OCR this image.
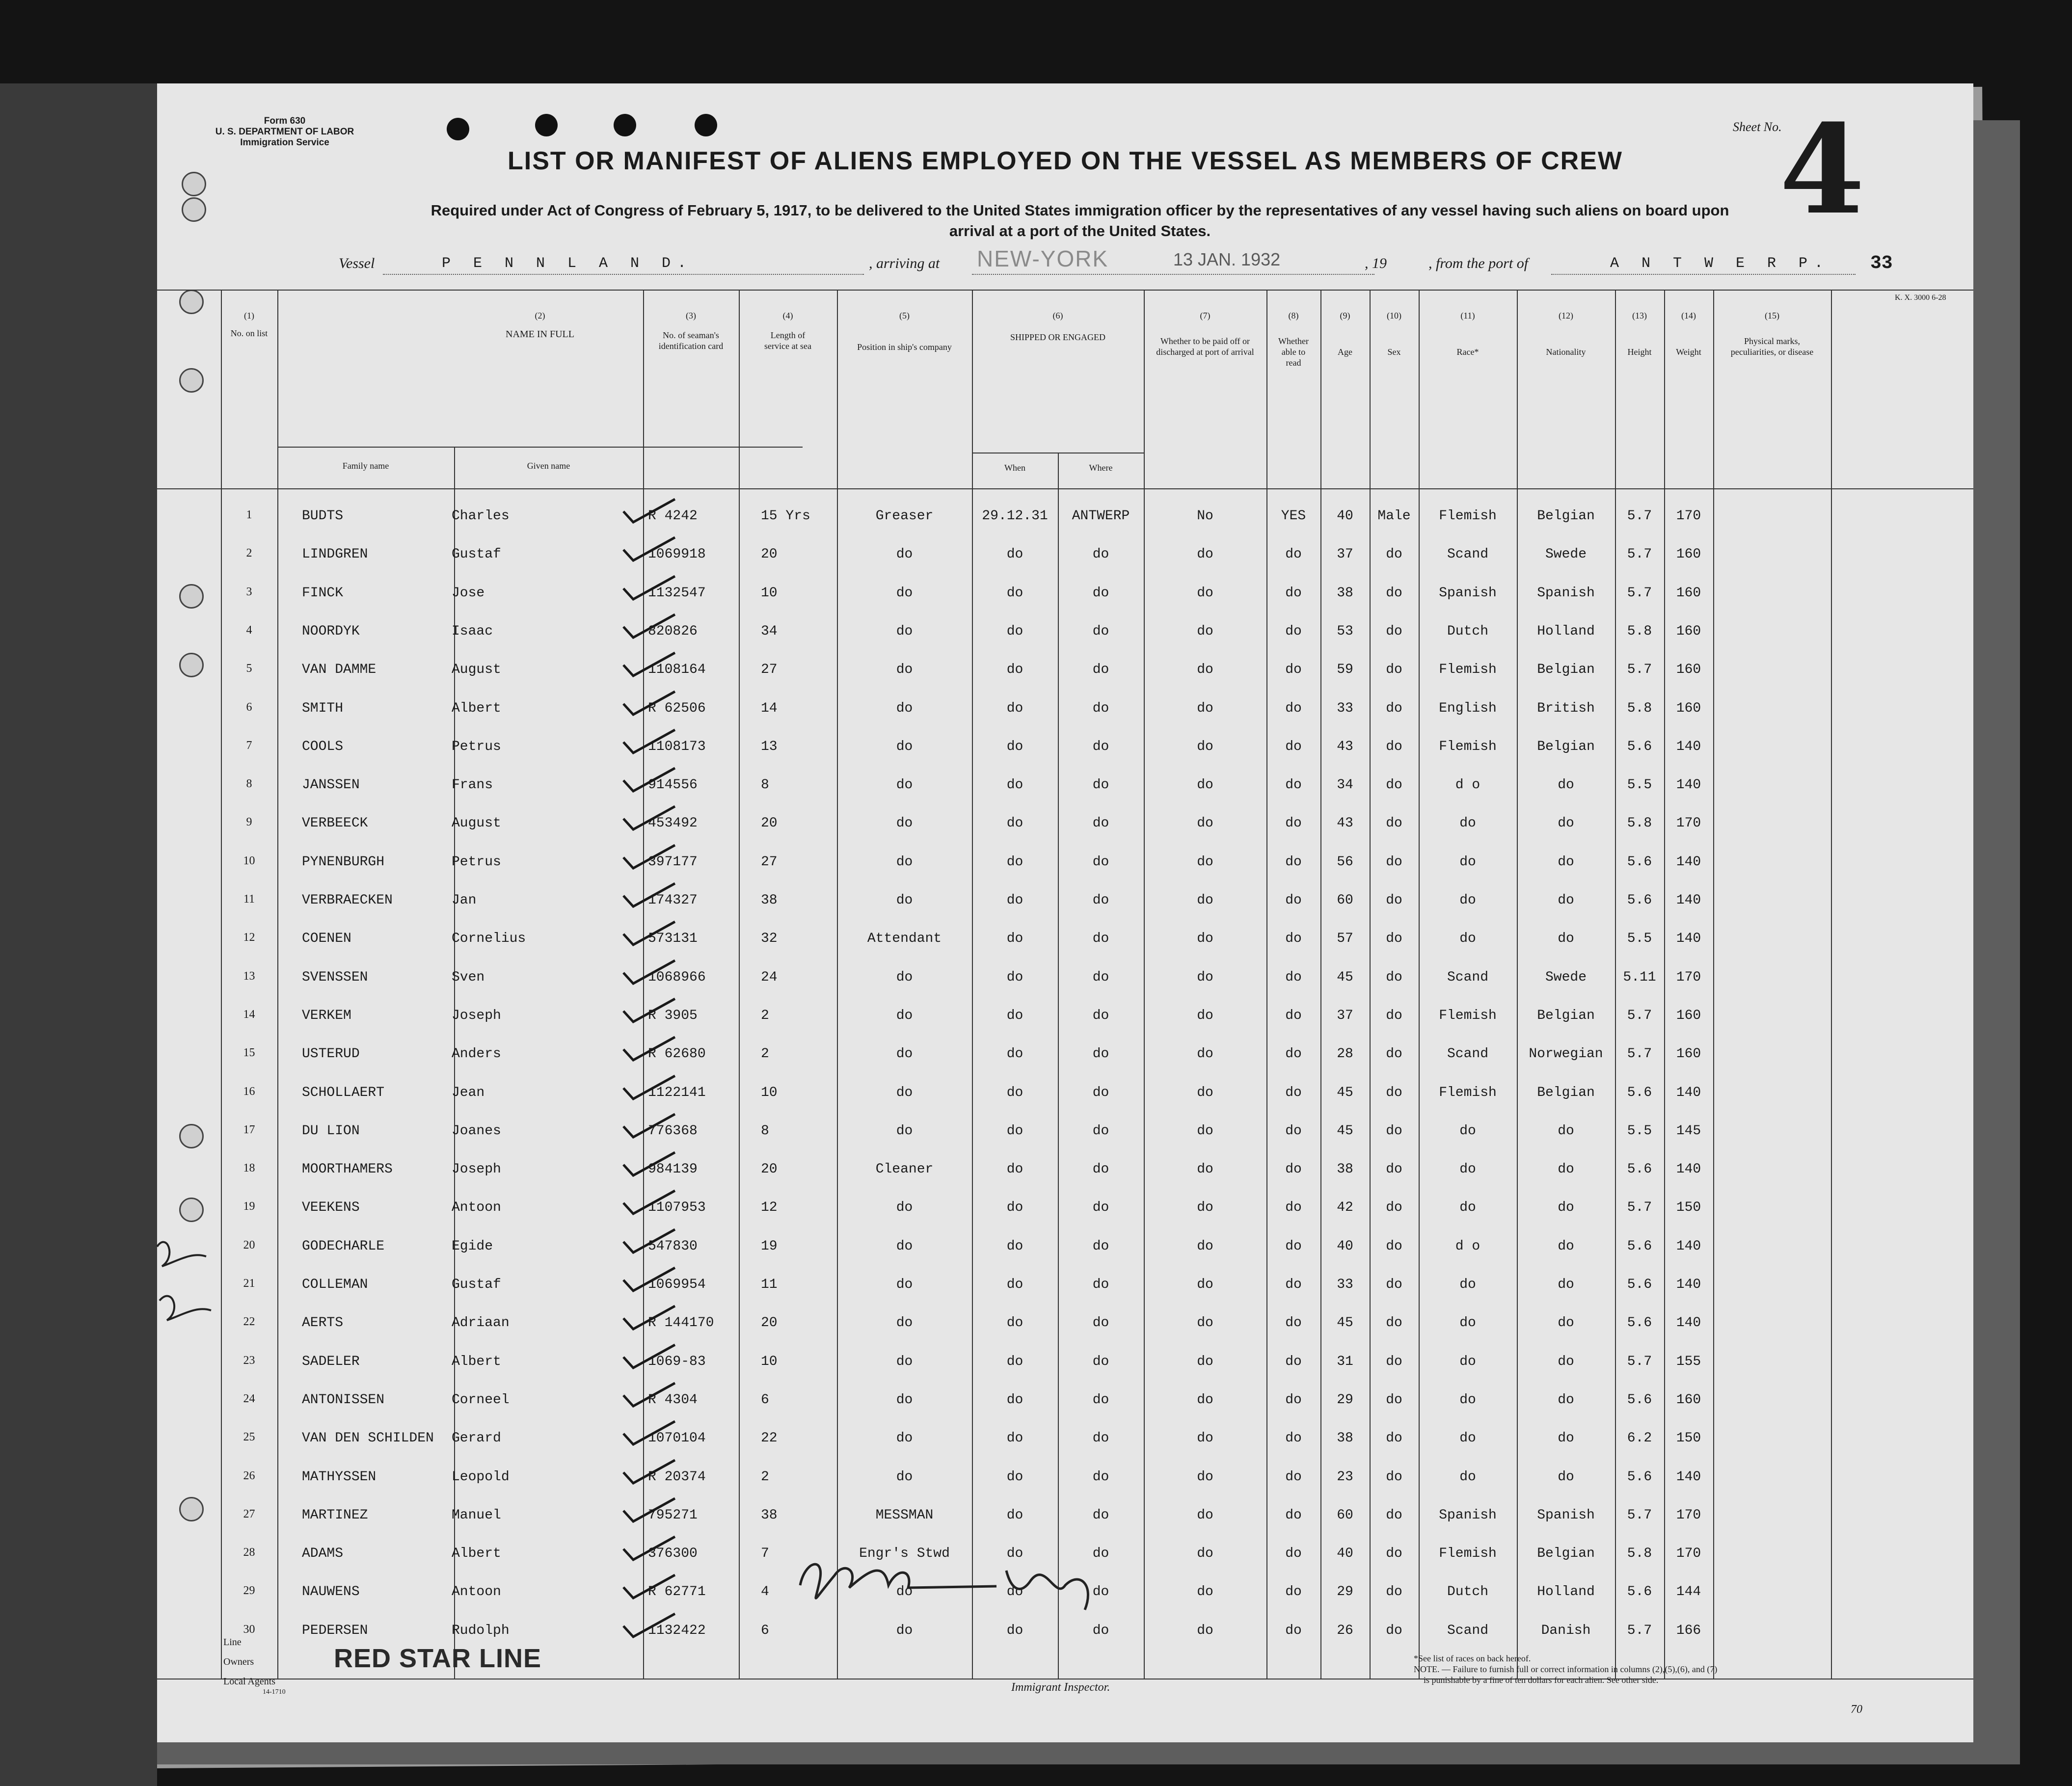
Form 630
U. S. DEPARTMENT OF LABOR
Immigration Service
Sheet No.
4
LIST OR MANIFEST OF ALIENS EMPLOYED ON THE VESSEL AS MEMBERS OF CREW
Required under Act of Congress of February 5, 1917, to be delivered to the United States immigration officer by the representatives of any vessel having such aliens on board upon
arrival at a port of the United States.
Vessel	P E N N L A N D.	, arriving at NEW-YORK	13 JAN. 1932	, 19	, from the port of	A N T W E R P. 33
K. X. 3000 6-28
(1)
No. on list
(2)
NAME IN FULL
Family name	Given name
(3)
No. of seaman's identification card
(4)
Length of service at sea
(5)
Position in ship's company
(6)
SHIPPED OR ENGAGED
When	Where
(7)
Whether to be paid off or discharged at port of arrival
(8)
Whether able to read
(9)
Age
(10)
Sex
(11)
Race*
(12)
Nationality
(13)
Height
(14)
Weight
(15)
Physical marks, peculiarities, or disease
1	BUDTS	Charles	R 4242	15 Yrs	Greaser	29.12.31	ANTWERP	No	YES	40	Male	Flemish	Belgian	5.7	170
2	LINDGREN	Gustaf	1069918	20	do	do	do	do	do	37	do	Scand	Swede	5.7	160
3	FINCK	Jose	1132547	10	do	do	do	do	do	38	do	Spanish	Spanish	5.7	160
4	NOORDYK	Isaac	820826	34	do	do	do	do	do	53	do	Dutch	Holland	5.8	160
5	VAN DAMME	August	1108164	27	do	do	do	do	do	59	do	Flemish	Belgian	5.7	160
6	SMITH	Albert	R 62506	14	do	do	do	do	do	33	do	English	British	5.8	160
7	COOLS	Petrus	1108173	13	do	do	do	do	do	43	do	Flemish	Belgian	5.6	140
8	JANSSEN	Frans	914556	8	do	do	do	do	do	34	do	d o	do	5.5	140
9	VERBEECK	August	453492	20	do	do	do	do	do	43	do	do	do	5.8	170
10	PYNENBURGH	Petrus	397177	27	do	do	do	do	do	56	do	do	do	5.6	140
11	VERBRAECKEN	Jan	174327	38	do	do	do	do	do	60	do	do	do	5.6	140
12	COENEN	Cornelius	573131	32	Attendant	do	do	do	do	57	do	do	do	5.5	140
13	SVENSSEN	Sven	1068966	24	do	do	do	do	do	45	do	Scand	Swede	5.11	170
14	VERKEM	Joseph	R 3905	2	do	do	do	do	do	37	do	Flemish	Belgian	5.7	160
15	USTERUD	Anders	R 62680	2	do	do	do	do	do	28	do	Scand	Norwegian	5.7	160
16	SCHOLLAERT	Jean	1122141	10	do	do	do	do	do	45	do	Flemish	Belgian	5.6	140
17	DU LION	Joanes	776368	8	do	do	do	do	do	45	do	do	do	5.5	145
18	MOORTHAMERS	Joseph	984139	20	Cleaner	do	do	do	do	38	do	do	do	5.6	140
19	VEEKENS	Antoon	1107953	12	do	do	do	do	do	42	do	do	do	5.7	150
20	GODECHARLE	Egide	547830	19	do	do	do	do	do	40	do	d o	do	5.6	140
21	COLLEMAN	Gustaf	1069954	11	do	do	do	do	do	33	do	do	do	5.6	140
22	AERTS	Adriaan	R 144170	20	do	do	do	do	do	45	do	do	do	5.6	140
23	SADELER	Albert	1069-83	10	do	do	do	do	do	31	do	do	do	5.7	155
24	ANTONISSEN	Corneel	R 4304	6	do	do	do	do	do	29	do	do	do	5.6	160
25	VAN DEN SCHILDEN	Gerard	1070104	22	do	do	do	do	do	38	do	do	do	6.2	150
26	MATHYSSEN	Leopold	R 20374	2	do	do	do	do	do	23	do	do	do	5.6	140
27	MARTINEZ	Manuel	795271	38	MESSMAN	do	do	do	do	60	do	Spanish	Spanish	5.7	170
28	ADAMS	Albert	376300	7	Engr's Stwd	do	do	do	do	40	do	Flemish	Belgian	5.8	170
29	NAUWENS	Antoon	R 62771	4	do	do	do	do	do	29	do	Dutch	Holland	5.6	144
30	PEDERSEN	Rudolph	1132422	6	do	do	do	do	do	26	do	Scand	Danish	5.7	166
Line
Owners
Local Agents
14-1710
RED STAR LINE
Immigrant Inspector.
*See list of races on back hereof.
NOTE. — Failure to furnish full or correct information in columns (2),(5),(6), and (7)
is punishable by a fine of ten dollars for each alien. See other side.
70
